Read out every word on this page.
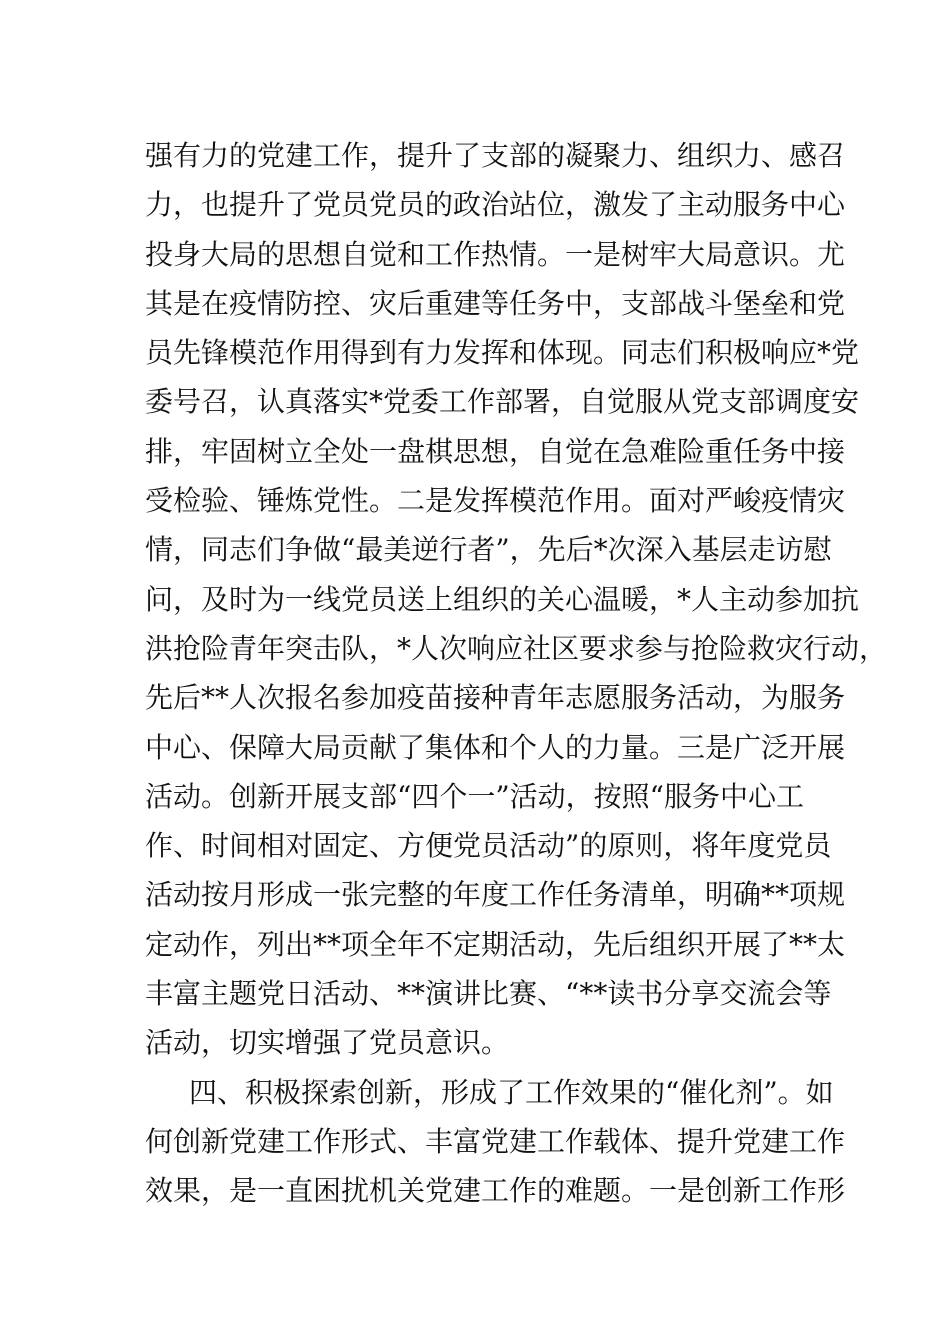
强有力的党建工作，提升了支部的凝聚力、组织力、感召
力，也提升了党员党员的政治站位，激发了主动服务中心
投身大局的思想自觉和工作热情。一是树牢大局意识。尤
其是在疫情防控、灾后重建等任务中，支部战斗堡垒和党
员先锋模范作用得到有力发挥和体现。同志们积极响应*党
委号召，认真落实*党委工作部署，自觉服从党支部调度安
排，牢固树立全处一盘棋思想，自觉在急难险重任务中接
受检验、锤炼党性。二是发挥模范作用。面对严峻疫情灾
情，同志们争做“最美逆行者”，先后*次深入基层走访慰
问，及时为一线党员送上组织的关心温暖，*人主动参加抗
洪抢险青年突击队，*人次响应社区要求参与抢险救灾行动，
先后**人次报名参加疫苗接种青年志愿服务活动，为服务
中心、保障大局贡献了集体和个人的力量。三是广泛开展
活动。创新开展支部“四个一”活动，按照“服务中心工
作、时间相对固定、方便党员活动”的原则，将年度党员
活动按月形成一张完整的年度工作任务清单，明确**项规
定动作，列出**项全年不定期活动，先后组织开展了**太
丰富主题党日活动、**演讲比赛、“**读书分享交流会等
活动，切实增强了党员意识。
四、积极探索创新，形成了工作效果的“催化剂”。如
何创新党建工作形式、丰富党建工作载体、提升党建工作
效果，是一直困扰机关党建工作的难题。一是创新工作形
